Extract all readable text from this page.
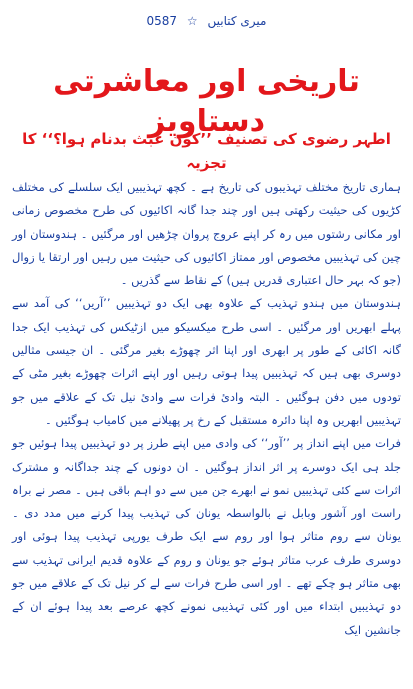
0587 ☆ میری کتابیں
تاریخی اور معاشرتی دستاویز
اطہر رضوی کی تصنیف ’’کون عبث بدنام ہوا؟‘‘ کا تجزیہ

ہماری تاریخ مختلف تہذیبوں کی تاریخ ہے ۔ کچھ تہذیبیں ایک سلسلے کی مختلف کڑیوں کی حیثیت رکھتی ہیں اور چند جدا گانہ اکائیوں کی طرح مخصوص زمانی اور مکانی رشتوں میں رہ کر اپنے عروج پروان چڑھیں اور مرگئیں ۔ ہندوستان اور چین کی تہذیبیں مخصوص اور ممتاز اکائیوں کی حیثیت میں رہیں اور ارتقا یا زوال (جو کہ بہر حال اعتباری قدریں ہیں) کے نقاط سے گذریں ۔

ہندوستان میں ہندو تہذیب کے علاوہ بھی ایک دو تہذیبیں ’’آریں‘‘ کی آمد سے پہلے ابھریں اور مرگئیں ۔ اسی طرح میکسیکو میں ازٹیکس کی تہذیب ایک جدا گانہ اکائی کے طور پر ابھری اور اپنا اثر چھوڑے بغیر مرگئی ۔ ان جیسی مثالیں دوسری بھی ہیں کہ تہذیبیں پیدا ہوتی رہیں اور اپنے اثرات چھوڑے بغیر مٹی کے تودوں میں دفن ہوگئیں ۔ البتہ وادئ فرات سے وادئ نیل تک کے علاقے میں جو تہذیبیں ابھریں وہ اپنا دائرہ مستقبل کے رخ پر پھیلانے میں کامیاب ہوگئیں ۔

فرات میں اپنے انداز پر ’’آور‘‘ کی وادی میں اپنے طرز پر دو تہذیبیں پیدا ہوئیں جو جلد ہی ایک دوسرے پر اثر انداز ہوگئیں ۔ ان دونوں کے چند جداگانہ و مشترک اثرات سے کئی تہذیبیں نمو نے ابھرے جن میں سے دو اہم باقی ہیں ۔ مصر نے براہ راست اور آشور وبابل نے بالواسطہ یونان کی تہذیب پیدا کرنے میں مدد دی ۔ یونان سے روم متاثر ہوا اور روم سے ایک طرف یورپی تہذیب پیدا ہوئی اور دوسری طرف عرب متاثر ہوئے جو یونان و روم کے علاوہ قدیم ایرانی تہذیب سے بھی متاثر ہو چکے تھے ۔ اور اسی طرح فرات سے لے کر نیل تک کے علاقے میں جو دو تہذیبیں ابتداء میں اور کئی تہذیبی نمونے کچھ عرصے بعد پیدا ہوئے ان کے جانشین ایک
